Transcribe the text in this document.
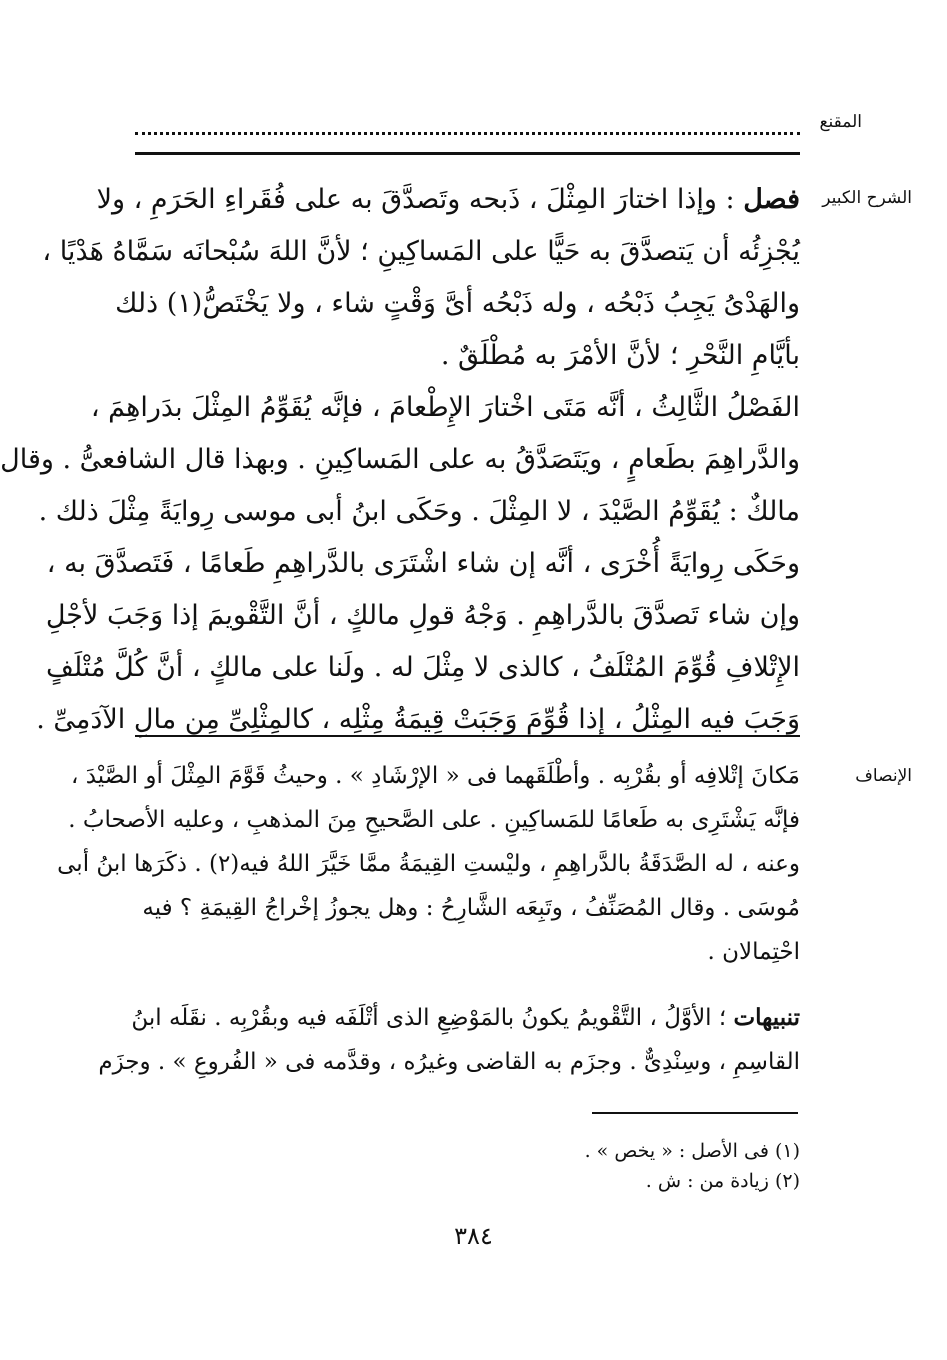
المقنع
الشرح الكبير
فصل : وإذا اختارَ المِثْلَ ، ذَبحه وتَصدَّقَ به على فُقَراءِ الحَرَمِ ، ولا
يُجْزِئُه أن يَتصدَّقَ به حَيًّا على المَساكِينِ ؛ لأنَّ اللهَ سُبْحانَه سَمَّاهُ هَدْيًا ،
والهَدْىُ يَجِبُ ذَبْحُه ، وله ذَبْحُه أىَّ وَقْتٍ شاء ، ولا يَخْتَصُّ(١) ذلك
بأيَّامِ النَّحْرِ ؛ لأنَّ الأمْرَ به مُطْلَقٌ .
الفَصْلُ الثَّالِثُ ، أنَّه مَتَى اخْتارَ الإِطْعامَ ، فإنَّه يُقَوِّمُ المِثْلَ بدَراهِمَ ،
والدَّراهِمَ بطَعامٍ ، ويَتَصَدَّقُ به على المَساكِينِ . وبهذا قال الشافعىُّ . وقال
مالكٌ : يُقَوِّمُ الصَّيْدَ ، لا المِثْلَ . وحَكَى ابنُ أبى موسى رِوايَةً مِثْلَ ذلك .
وحَكَى رِوايَةً أُخْرَى ، أنَّه إن شاء اشْتَرَى بالدَّراهِمِ طَعامًا ، فَتَصدَّقَ به ،
وإن شاء تَصدَّقَ بالدَّراهِمِ . وَجْهُ قولِ مالكٍ ، أنَّ التَّقْويمَ إذا وَجَبَ لأجْلِ
الإِتْلافِ قُوِّمَ المُتْلَفُ ، كالذى لا مِثْلَ له . ولَنا على مالكٍ ، أنَّ كُلَّ مُتْلَفٍ
وَجَبَ فيه المِثْلُ ، إذا قُوِّمَ وَجَبَتْ قِيمَةُ مِثْلِه ، كالمِثْلِىِّ مِن مالِ الآدَمِىِّ .
الإنصاف
مَكانَ إتْلافِه أو بقُرْبِه . وأطْلَقَهما فى « الإرْشَادِ » . وحيثُ قَوَّمَ المِثْلَ أو الصَّيْدَ ،
فإنَّه يَشْتَرِى به طَعامًا للمَساكِينِ . على الصَّحيحِ مِنَ المذهبِ ، وعليه الأصحابُ .
وعنه ، له الصَّدَقَةُ بالدَّراهِمِ ، وليْستِ القِيمَةُ ممَّا خَيَّرَ اللهُ فيه(٢) . ذكَرَها ابنُ أبى
مُوسَى . وقال المُصَنِّفُ ، وتَبِعَه الشَّارِحُ : وهل يجوزُ إخْراجُ القِيمَةِ ؟ فيه
احْتِمالان .
تنبيهات ؛ الأوَّلُ ، التَّقْويمُ يكونُ بالمَوْضِعِ الذى أتْلَفَه فيه وبقُرْبِه . نقَلَه ابنُ
القاسِمِ ، وسِنْدِىٌّ . وجزَم به القاضى وغيرُه ، وقدَّمه فى « الفُروعِ » . وجزَم
(١) فى الأصل : « يخص » .
(٢) زيادة من : ش .
٣٨٤
